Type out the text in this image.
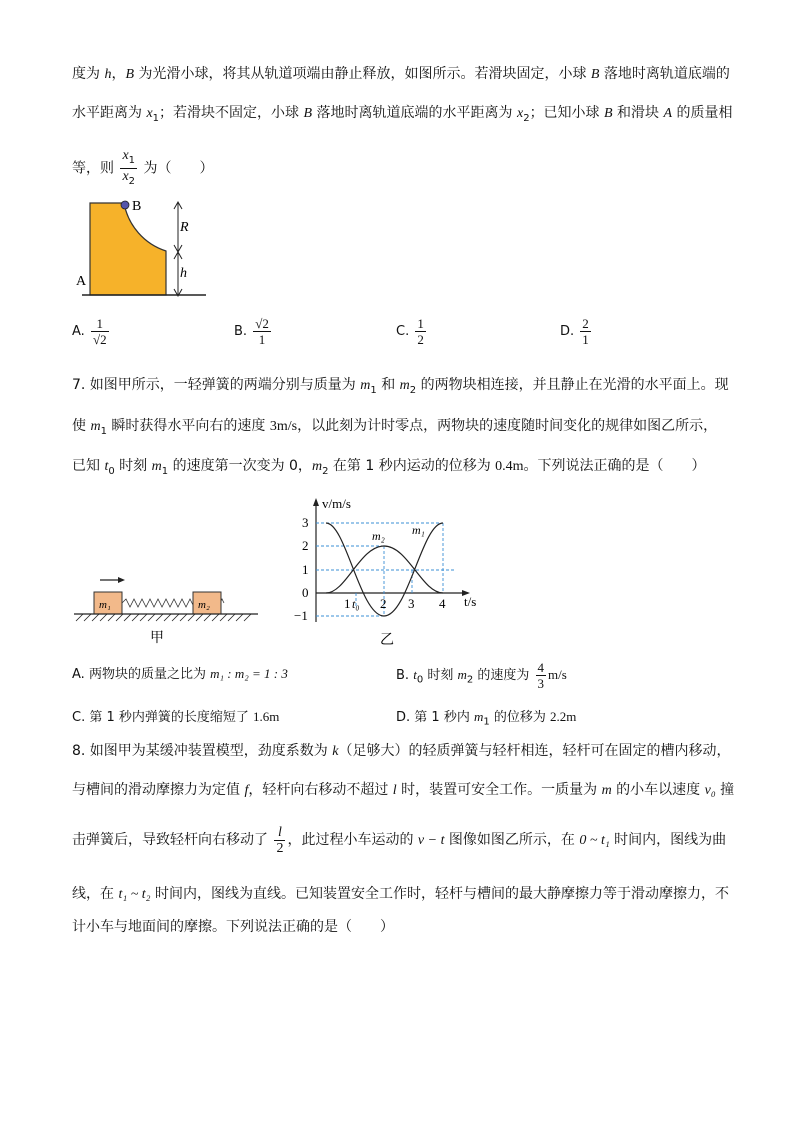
度为 h，B 为光滑小球，将其从轨道项端由静止释放，如图所示。若滑块固定，小球 B 落地时离轨道底端的
水平距离为 $x_1$；若滑块不固定，小球 B 落地时离轨道底端的水平距离为 $x_2$；已知小球 B 和滑块 A 的质量相
等，则 $\frac{x_1}{x_2}$ 为（　　）
B
R
h
A
A. $\frac{1}{√2}$	B. $\frac{√2}{1}$	C. $\frac{1}{2}$	D. $\frac{2}{1}$
7. 如图甲所示，一轻弹簧的两端分别与质量为 $m_1$ 和 $m_2$ 的两物块相连接，并且静止在光滑的水平面上。现
使 $m_1$ 瞬时获得水平向右的速度 3m/s，以此刻为计时零点，两物块的速度随时间变化的规律如图乙所示，
已知 $t_0$ 时刻 $m_1$ 的速度第一次变为 0，$m_2$ 在第 1 秒内运动的位移为 0.4m。下列说法正确的是（　　）
m₁	m₂
甲
v/m/s
t/s
3
2
1
0
−1
1 t₀ 2 3 4
m₂ m₁
乙
A. 两物块的质量之比为 m₁ : m₂ = 1 : 3	B. $t_0$ 时刻 $m_2$ 的速度为 $\frac{4}{3} m/s$
C. 第 1 秒内弹簧的长度缩短了 1.6m	D. 第 1 秒内 $m_1$ 的位移为 2.2m
8. 如图甲为某缓冲装置模型，劲度系数为 k（足够大）的轻质弹簧与轻杆相连，轻杆可在固定的槽内移动，
与槽间的滑动摩擦力为定值 f，轻杆向右移动不超过 l 时，装置可安全工作。一质量为 m 的小车以速度 v₀ 撞
击弹簧后，导致轻杆向右移动了 $\frac{l}{2}$ ，此过程小车运动的 v − t 图像如图乙所示，在 0 ~ t₁ 时间内，图线为曲
线，在 t₁ ~ t₂ 时间内，图线为直线。已知装置安全工作时，轻杆与槽间的最大静摩擦力等于滑动摩擦力，不
计小车与地面间的摩擦。下列说法正确的是（　　）
